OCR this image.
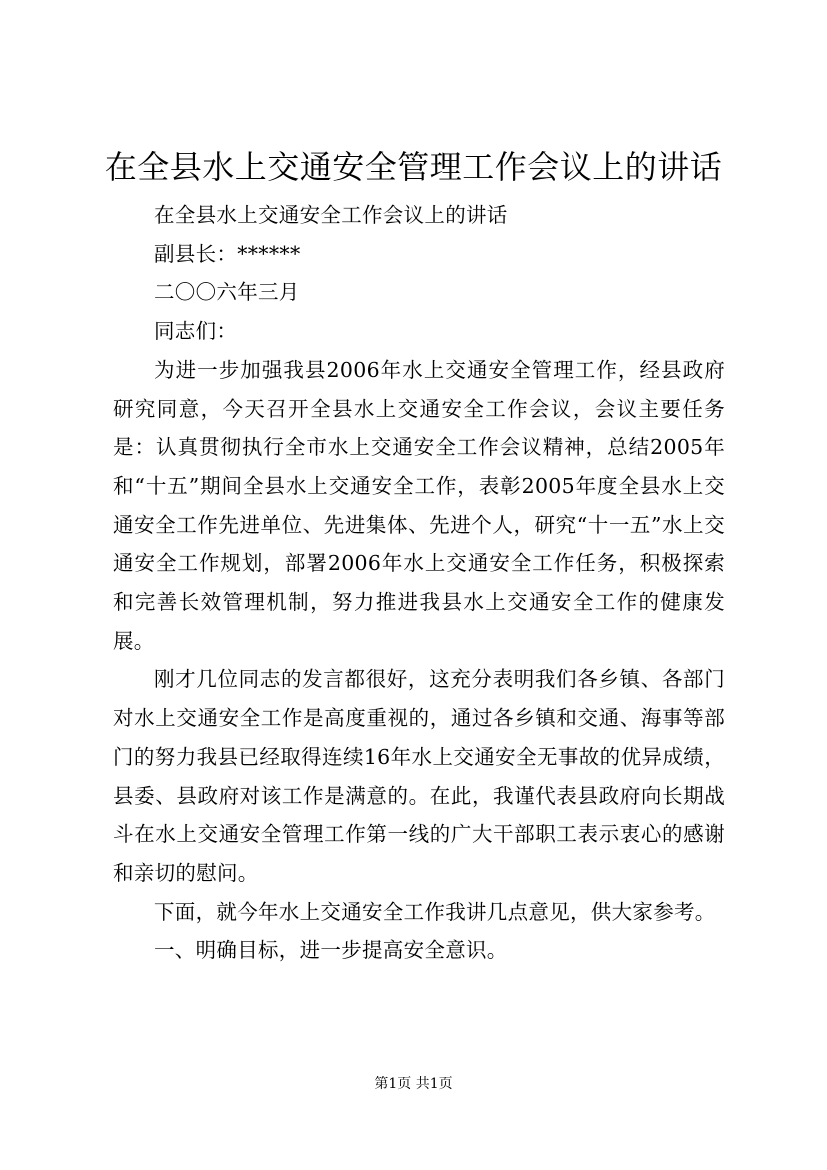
在全县水上交通安全管理工作会议上的讲话

在全县水上交通安全工作会议上的讲话

副县长：******

二〇〇六年三月

同志们：

为进一步加强我县2006年水上交通安全管理工作，经县政府研究同意，今天召开全县水上交通安全工作会议，会议主要任务是：认真贯彻执行全市水上交通安全工作会议精神，总结2005年和“十五”期间全县水上交通安全工作，表彰2005年度全县水上交通安全工作先进单位、先进集体、先进个人，研究“十一五”水上交通安全工作规划，部署2006年水上交通安全工作任务，积极探索和完善长效管理机制，努力推进我县水上交通安全工作的健康发展。

刚才几位同志的发言都很好，这充分表明我们各乡镇、各部门对水上交通安全工作是高度重视的，通过各乡镇和交通、海事等部门的努力我县已经取得连续16年水上交通安全无事故的优异成绩，县委、县政府对该工作是满意的。在此，我谨代表县政府向长期战斗在水上交通安全管理工作第一线的广大干部职工表示衷心的感谢和亲切的慰问。

下面，就今年水上交通安全工作我讲几点意见，供大家参考。

一、明确目标，进一步提高安全意识。

第1页 共1页
